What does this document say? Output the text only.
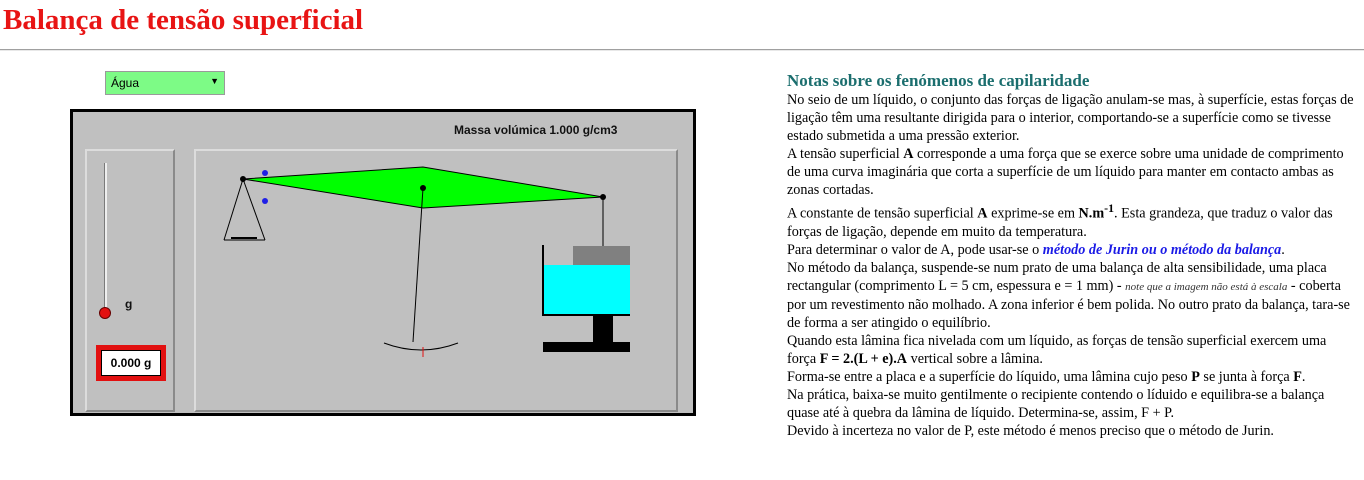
Balança de tensão superficial
Água	▼
Massa volúmica 1.000 g/cm3
g
0.000 g
Notas sobre os fenómenos de capilaridade

No seio de um líquido, o conjunto das forças de ligação anulam-se mas, à superfície, estas forças de ligação têm uma resultante dirigida para o interior, comportando-se a superfície como se tivesse estado submetida a uma pressão exterior.

A tensão superficial A corresponde a uma força que se exerce sobre uma unidade de comprimento de uma curva imaginária que corta a superfície de um líquido para manter em contacto ambas as zonas cortadas.

A constante de tensão superficial A exprime-se em $N.m^{-1}$. Esta grandeza, que traduz o valor das forças de ligação, depende em muito da temperatura.

Para determinar o valor de A, pode usar-se o método de Jurin ou o método da balança.

No método da balança, suspende-se num prato de uma balança de alta sensibilidade, uma placa rectangular (comprimento L = 5 cm, espessura e = 1 mm) - note que a imagem não está à escala - coberta por um revestimento não molhado. A zona inferior é bem polida. No outro prato da balança, tara-se de forma a ser atingido o equilíbrio.

Quando esta lâmina fica nivelada com um líquido, as forças de tensão superficial exercem uma força F = 2.(L + e).A vertical sobre a lâmina.

Forma-se entre a placa e a superfície do líquido, uma lâmina cujo peso P se junta à força F.

Na prática, baixa-se muito gentilmente o recipiente contendo o líduido e equilibra-se a balança quase até à quebra da lâmina de líquido. Determina-se, assim, F + P.

Devido à incerteza no valor de P, este método é menos preciso que o método de Jurin.
